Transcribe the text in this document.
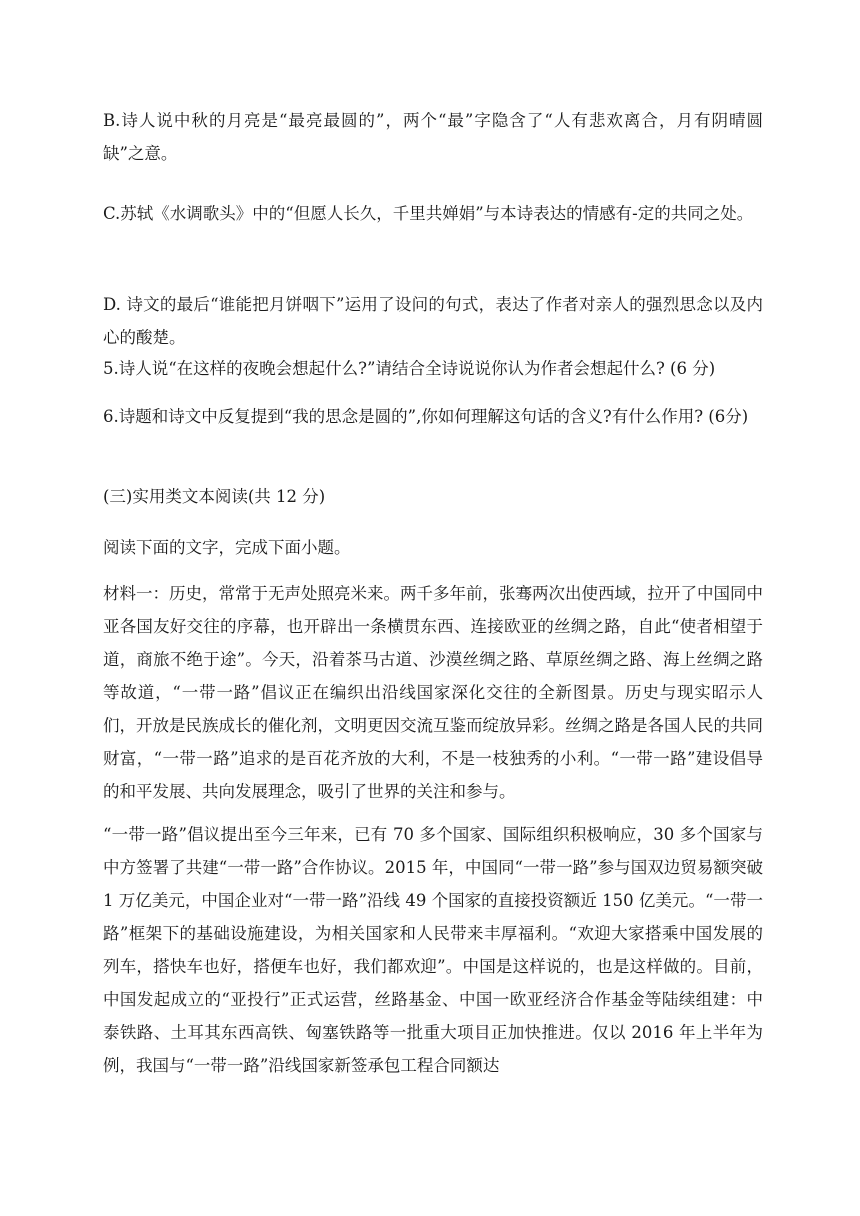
B.诗人说中秋的月亮是“最亮最圆的”，两个“最”字隐含了“人有悲欢离合，月有阴晴圆缺”之意。

C.苏轼《水调歌头》中的“但愿人长久，千里共婵娟”与本诗表达的情感有-定的共同之处。

D. 诗文的最后“谁能把月饼咽下”运用了设问的句式，表达了作者对亲人的强烈思念以及内心的酸楚。

5.诗人说“在这样的夜晚会想起什么?”请结合全诗说说你认为作者会想起什么? (6 分)

6.诗题和诗文中反复提到“我的思念是圆的”,你如何理解这句话的含义?有什么作用? (6分)

(三)实用类文本阅读(共 12 分)

阅读下面的文字，完成下面小题。

材料一：历史，常常于无声处照亮米来。两千多年前，张骞两次出使西域，拉开了中国同中亚各国友好交往的序幕，也开辟出一条横贯东西、连接欧亚的丝绸之路，自此“使者相望于道，商旅不绝于途”。今天，沿着茶马古道、沙漠丝绸之路、草原丝绸之路、海上丝绸之路等故道，“一带一路”倡议正在编织出沿线国家深化交往的全新图景。历史与现实昭示人们，开放是民族成长的催化剂，文明更因交流互鉴而绽放异彩。丝绸之路是各国人民的共同财富，“一带一路”追求的是百花齐放的大利，不是一枝独秀的小利。“一带一路”建设倡导的和平发展、共向发展理念，吸引了世界的关注和参与。

“一带一路”倡议提出至今三年来，已有 70 多个国家、国际组织积极响应，30 多个国家与中方签署了共建“一带一路”合作协议。2015 年，中国同“一带一路”参与国双边贸易额突破 1 万亿美元，中国企业对“一带一路”沿线 49 个国家的直接投资额近 150 亿美元。“一带一路”框架下的基础设施建设，为相关国家和人民带来丰厚福利。“欢迎大家搭乘中国发展的列车，搭快车也好，搭便车也好，我们都欢迎”。中国是这样说的，也是这样做的。目前，中国发起成立的“亚投行”正式运营，丝路基金、中国一欧亚经济合作基金等陆续组建：中泰铁路、土耳其东西高铁、匈塞铁路等一批重大项目正加快推进。仅以 2016 年上半年为例，我国与“一带一路”沿线国家新签承包工程合同额达
